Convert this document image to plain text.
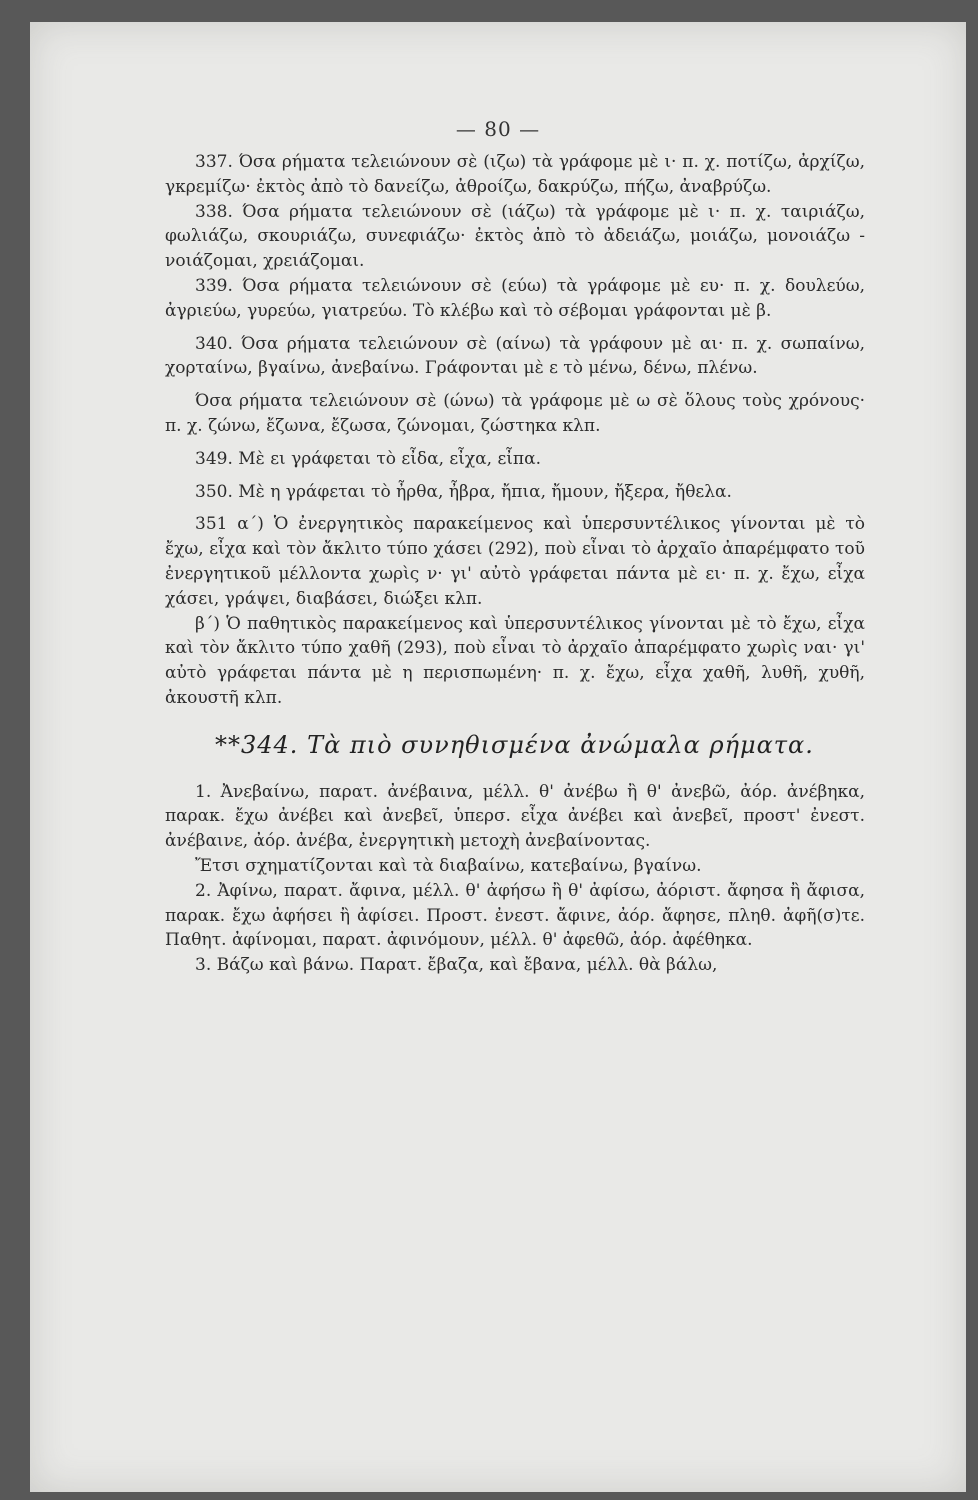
— 80 —

337. Όσα ρήματα τελειώνουν σὲ (ιζω) τὰ γράφομε μὲ ι· π. χ. ποτίζω, ἀρχίζω, γκρεμίζω· ἐκτὸς ἀπὸ τὸ δανείζω, ἀθροίζω, δακρύζω, πήζω, ἀναβρύζω.

338. Όσα ρήματα τελειώνουν σὲ (ιάζω) τὰ γράφομε μὲ ι· π. χ. ταιριάζω, φωλιάζω, σκουριάζω, συνεφιάζω· ἐκτὸς ἀπὸ τὸ ἀδειάζω, μοιάζω, μονοιάζω - νοιάζομαι, χρειάζομαι.

339. Όσα ρήματα τελειώνουν σὲ (εύω) τὰ γράφομε μὲ ευ· π. χ. δουλεύω, ἀγριεύω, γυρεύω, γιατρεύω. Τὸ κλέβω καὶ τὸ σέβομαι γράφονται μὲ β.

340. Όσα ρήματα τελειώνουν σὲ (αίνω) τὰ γράφουν μὲ αι· π. χ. σωπαίνω, χορταίνω, βγαίνω, ἀνεβαίνω. Γράφονται μὲ ε τὸ μένω, δένω, πλένω.

Όσα ρήματα τελειώνουν σὲ (ώνω) τὰ γράφομε μὲ ω σὲ ὅλους τοὺς χρόνους· π. χ. ζώνω, ἔζωνα, ἔζωσα, ζώνομαι, ζώστηκα κλπ.

349. Μὲ ει γράφεται τὸ εἶδα, εἶχα, εἶπα.

350. Μὲ η γράφεται τὸ ἦρθα, ἦβρα, ἤπια, ἤμουν, ἤξερα, ἤθελα.

351 α΄) Ὁ ἐνεργητικὸς παρακείμενος καὶ ὑπερσυντέλικος γίνονται μὲ τὸ ἔχω, εἶχα καὶ τὸν ἄκλιτο τύπο χάσει (292), ποὺ εἶναι τὸ ἀρχαῖο ἀπαρέμφατο τοῦ ἐνεργητικοῦ μέλλοντα χωρὶς ν· γι' αὐτὸ γράφεται πάντα μὲ ει· π. χ. ἔχω, εἶχα χάσει, γράψει, διαβάσει, διώξει κλπ.

β΄) Ὁ παθητικὸς παρακείμενος καὶ ὑπερσυντέλικος γίνονται μὲ τὸ ἔχω, εἶχα καὶ τὸν ἄκλιτο τύπο χαθῆ (293), ποὺ εἶναι τὸ ἀρχαῖο ἀπαρέμφατο χωρὶς ναι· γι' αὐτὸ γράφεται πάντα μὲ η περισπωμένη· π. χ. ἔχω, εἶχα χαθῆ, λυθῆ, χυθῆ, ἀκουστῆ κλπ.

**344. Τὰ πιὸ συνηθισμένα ἀνώμαλα ρήματα.

1. Ἀνεβαίνω, παρατ. ἀνέβαινα, μέλλ. θ' ἀνέβω ἢ θ' ἀνεβῶ, ἀόρ. ἀνέβηκα, παρακ. ἔχω ἀνέβει καὶ ἀνεβεῖ, ὑπερσ. εἶχα ἀνέβει καὶ ἀνεβεῖ, προστ' ἐνεστ. ἀνέβαινε, ἀόρ. ἀνέβα, ἐνεργητικὴ μετοχὴ ἀνεβαίνοντας.

Ἔτσι σχηματίζονται καὶ τὰ διαβαίνω, κατεβαίνω, βγαίνω.

2. Ἀφίνω, παρατ. ἄφινα, μέλλ. θ' ἀφήσω ἢ θ' ἀφίσω, ἀόριστ. ἄφησα ἢ ἄφισα, παρακ. ἔχω ἀφήσει ἢ ἀφίσει. Προστ. ἐνεστ. ἄφινε, ἀόρ. ἄφησε, πληθ. ἀφῆ(σ)τε. Παθητ. ἀφίνομαι, παρατ. ἀφινόμουν, μέλλ. θ' ἀφεθῶ, ἀόρ. ἀφέθηκα.

3. Βάζω καὶ βάνω. Παρατ. ἔβαζα, καὶ ἔβανα, μέλλ. θὰ βάλω,
